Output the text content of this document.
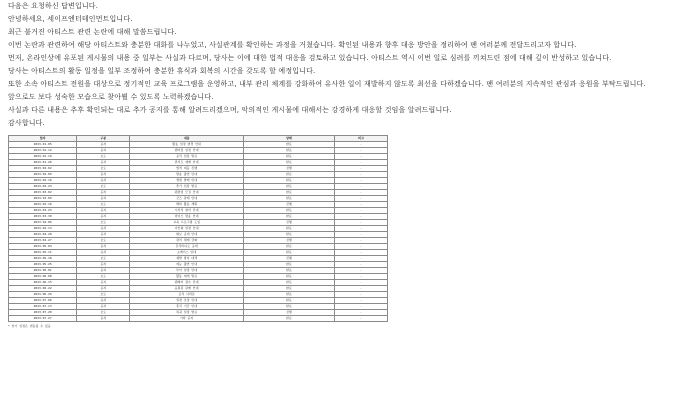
다음은 요청하신 답변입니다.

안녕하세요, 세이프엔터테인먼트입니다.

최근 불거진 아티스트 관련 논란에 대해 말씀드립니다.

이번 논란과 관련하여 해당 아티스트와 충분한 대화를 나누었고, 사실관계를 확인하는 과정을 거쳤습니다. 확인된 내용과 향후 대응 방안을 정리하여 팬 여러분께 전달드리고자 합니다.

먼저, 온라인상에 유포된 게시물의 내용 중 일부는 사실과 다르며, 당사는 이에 대한 법적 대응을 검토하고 있습니다. 아티스트 역시 이번 일로 심려를 끼쳐드린 점에 대해 깊이 반성하고 있습니다.

당사는 아티스트의 활동 일정을 일부 조정하여 충분한 휴식과 회복의 시간을 갖도록 할 예정입니다.

또한 소속 아티스트 전원을 대상으로 정기적인 교육 프로그램을 운영하고, 내부 관리 체계를 강화하여 유사한 일이 재발하지 않도록 최선을 다하겠습니다. 팬 여러분의 지속적인 관심과 응원을 부탁드립니다.

앞으로도 보다 성숙한 모습으로 찾아뵐 수 있도록 노력하겠습니다.

사실과 다른 내용은 추후 확인되는 대로 추가 공지를 통해 알려드리겠으며, 악의적인 게시물에 대해서는 강경하게 대응할 것임을 알려드립니다.

감사합니다.

일자	구분	내용	상태	비고
2023-01-05	공지	활동 일정 변경 안내	완료	-
2023-01-12	공지	팬미팅 일정 안내	완료	-
2023-01-19	보도	공식 입장 발표	완료	-
2023-01-26	공지	콘서트 예매 안내	완료	-
2023-02-02	보도	법적 대응 진행	진행	-
2023-02-09	공지	방송 출연 안내	완료	-
2023-02-16	공지	앨범 발매 안내	완료	-
2023-02-23	보도	추가 입장 발표	완료	-
2023-03-02	공지	팬클럽 모집 안내	완료	-
2023-03-09	공지	굿즈 판매 안내	완료	-
2023-03-16	보도	해외 활동 계획	진행	-
2023-03-23	공지	시상식 참석 안내	완료	-
2023-03-30	공지	라이브 방송 안내	완료	-
2023-04-06	보도	교육 프로그램 도입	진행	-
2023-04-13	공지	사인회 일정 안내	완료	-
2023-04-20	공지	화보 공개 안내	완료	-
2023-04-27	보도	관리 체계 강화	진행	-
2023-05-04	공지	뮤직비디오 공개	완료	-
2023-05-11	공지	쇼케이스 안내	완료	-
2023-05-18	보도	재발 방지 대책	진행	-
2023-05-25	공지	예능 출연 안내	완료	-
2023-06-01	공지	투어 일정 안내	완료	-
2023-06-08	보도	활동 재개 발표	완료	-
2023-06-15	공지	팬레터 접수 안내	완료	-
2023-06-22	공지	응원봉 판매 안내	완료	-
2023-06-29	보도	공식 사과문	완료	-
2023-07-06	공지	일정 조정 안내	완료	-
2023-07-13	공지	휴식 기간 안내	완료	-
2023-07-20	보도	복귀 일정 발표	진행	-
2023-07-27	공지	기타 공지	완료	-
* 상기 일정은 변동될 수 있음
